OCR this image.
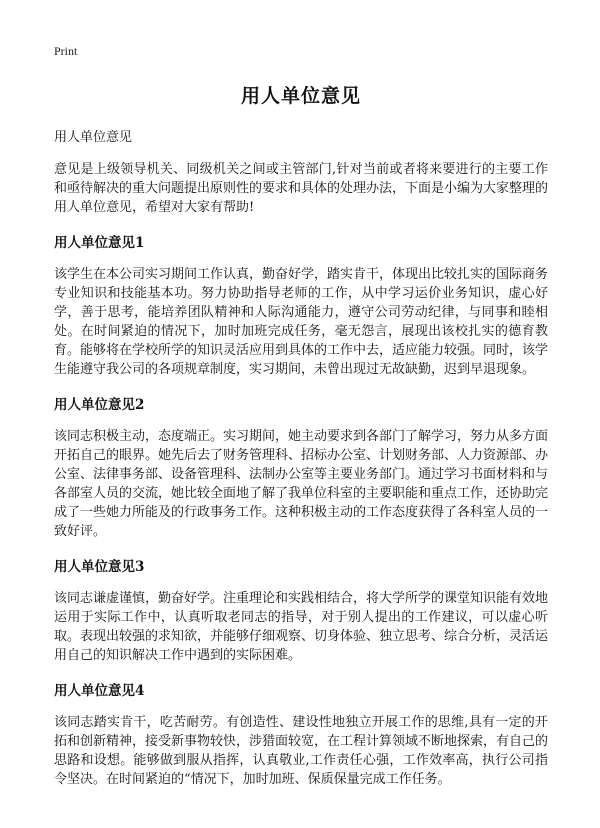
Print
用人单位意见

用人单位意见

意见是上级领导机关、同级机关之间或主管部门,针对当前或者将来要进行的主要工作和亟待解决的重大问题提出原则性的要求和具体的处理办法，下面是小编为大家整理的用人单位意见，希望对大家有帮助!

用人单位意见1

该学生在本公司实习期间工作认真，勤奋好学，踏实肯干，体现出比较扎实的国际商务专业知识和技能基本功。努力协助指导老师的工作，从中学习运价业务知识，虚心好学，善于思考，能培养团队精神和人际沟通能力，遵守公司劳动纪律，与同事和睦相处。在时间紧迫的情况下，加时加班完成任务，毫无怨言，展现出该校扎实的德育教育。能够将在学校所学的知识灵活应用到具体的工作中去，适应能力较强。同时，该学生能遵守我公司的各项规章制度，实习期间，未曾出现过无故缺勤，迟到早退现象。

用人单位意见2

该同志积极主动，态度端正。实习期间，她主动要求到各部门了解学习，努力从多方面开拓自己的眼界。她先后去了财务管理科、招标办公室、计划财务部、人力资源部、办公室、法律事务部、设备管理科、法制办公室等主要业务部门。通过学习书面材料和与各部室人员的交流，她比较全面地了解了我单位科室的主要职能和重点工作，还协助完成了一些她力所能及的行政事务工作。这种积极主动的工作态度获得了各科室人员的一致好评。

用人单位意见3

该同志谦虚谨慎，勤奋好学。注重理论和实践相结合，将大学所学的课堂知识能有效地运用于实际工作中，认真听取老同志的指导，对于别人提出的工作建议，可以虚心听取。表现出较强的求知欲，并能够仔细观察、切身体验、独立思考、综合分析，灵活运用自己的知识解决工作中遇到的实际困难。

用人单位意见4

该同志踏实肯干，吃苦耐劳。有创造性、建设性地独立开展工作的思维,具有一定的开拓和创新精神，接受新事物较快，涉猎面较宽，在工程计算领域不断地探索，有自己的思路和设想。能够做到服从指挥，认真敬业,工作责任心强，工作效率高，执行公司指令坚决。在时间紧迫的“情况下，加时加班、保质保量完成工作任务。
